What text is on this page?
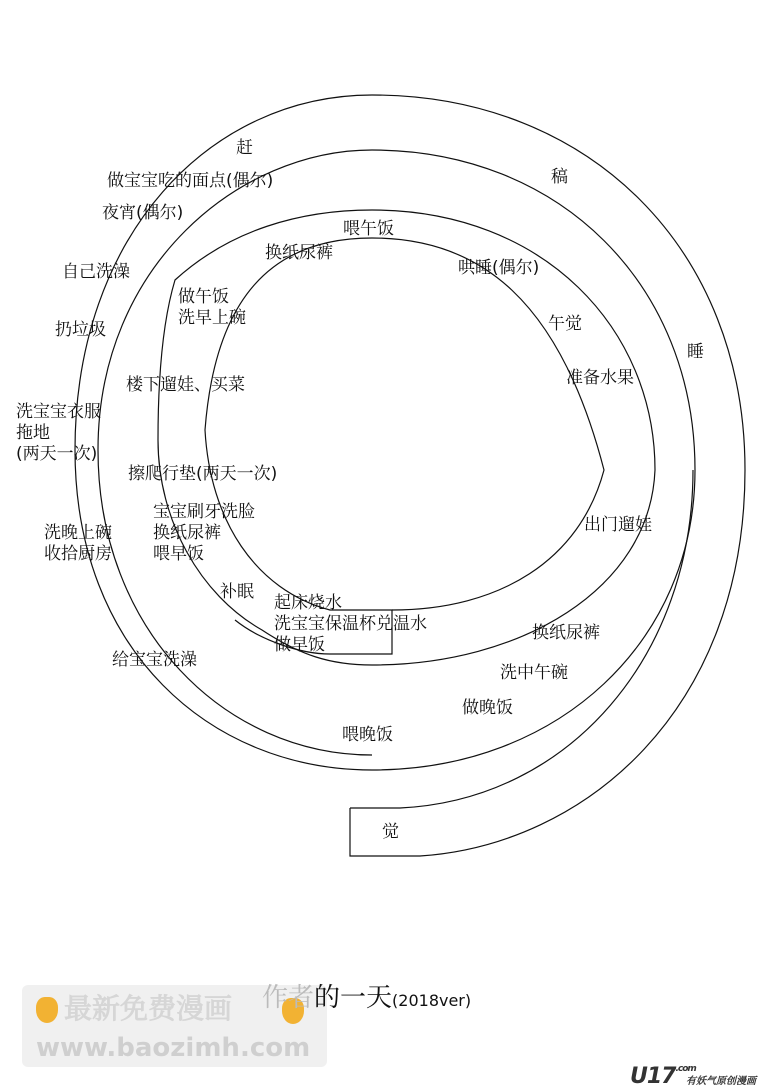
赶
做宝宝吃的面点(偶尔)
夜宵(偶尔)
自己洗澡
扔垃圾
洗宝宝衣服
拖地
(两天一次)
洗晚上碗
收拾厨房
给宝宝洗澡
喂晚饭
觉
稿
睡
喂午饭
换纸尿裤
哄睡(偶尔)
做午饭
洗早上碗	午觉
准备水果
楼下遛娃、买菜
擦爬行垫(两天一次)
宝宝刷牙洗脸
换纸尿裤
喂早饭
出门遛娃
补眠
起床烧水
洗宝宝保温杯兑温水
做早饭
换纸尿裤
洗中午碗
做晚饭
最新免费漫画
www.baozimh.com
作者的一天(2018ver)
$U17^{.com}$
有妖气原创漫画
